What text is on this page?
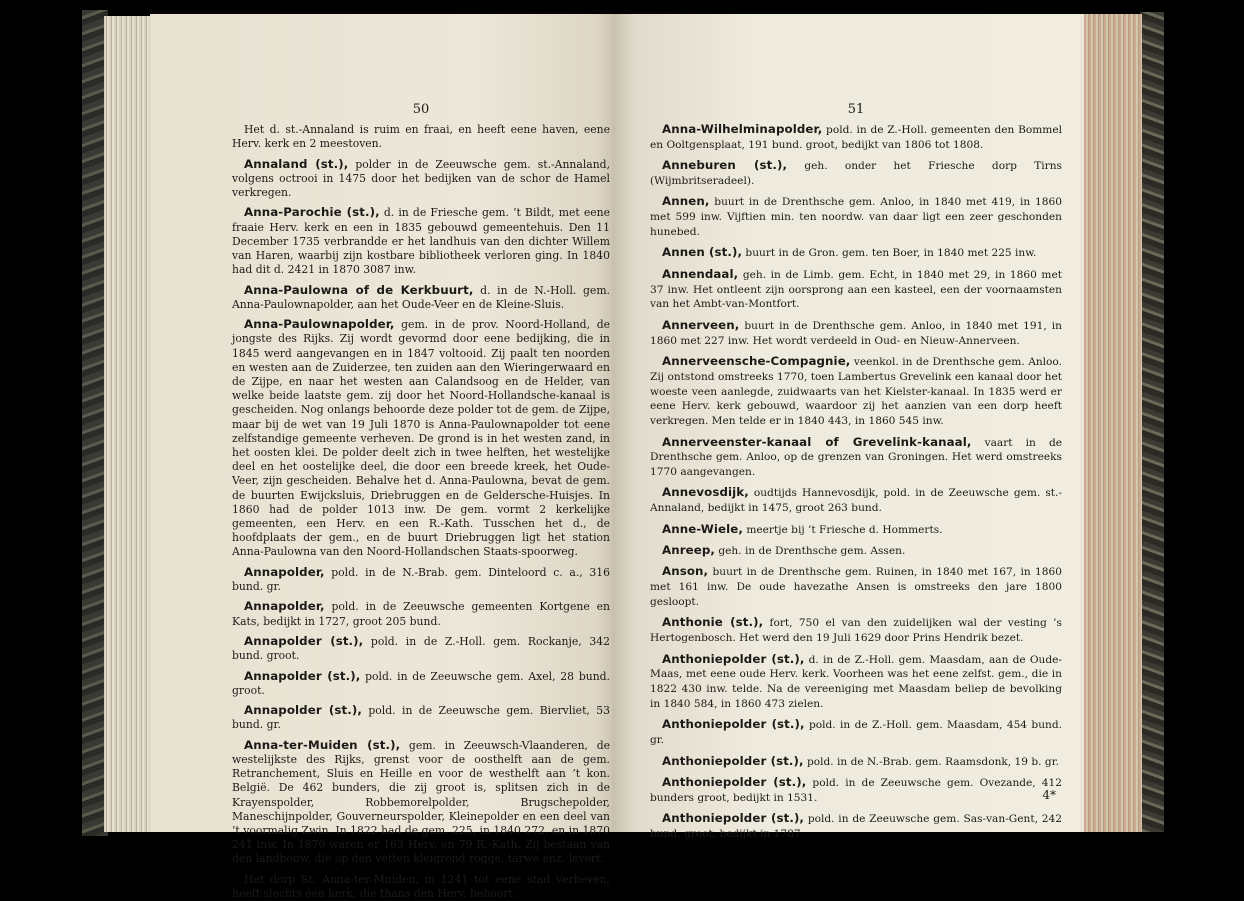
50

Het d. st.-Annaland is ruim en fraai, en heeft eene haven, eene Herv. kerk en 2 meestoven.

Annaland (st.), polder in de Zeeuwsche gem. st.-Annaland, volgens octrooi in 1475 door het bedijken van de schor de Hamel verkregen.

Anna-Parochie (st.), d. in de Friesche gem. ’t Bildt, met eene fraaie Herv. kerk en een in 1835 gebouwd gemeentehuis. Den 11 December 1735 verbrandde er het landhuis van den dichter Willem van Haren, waarbij zijn kostbare bibliotheek verloren ging. In 1840 had dit d. 2421 in 1870 3087 inw.

Anna-Paulowna of de Kerkbuurt, d. in de N.-Holl. gem. Anna-Paulownapolder, aan het Oude-Veer en de Kleine-Sluis.

Anna-Paulownapolder, gem. in de prov. Noord-Holland, de jongste des Rijks. Zij wordt gevormd door eene bedijking, die in 1845 werd aangevangen en in 1847 voltooid. Zij paalt ten noorden en westen aan de Zuiderzee, ten zuiden aan den Wieringerwaard en de Zijpe, en naar het westen aan Calandsoog en de Helder, van welke beide laatste gem. zij door het Noord-Hollandsche-kanaal is gescheiden. Nog onlangs behoorde deze polder tot de gem. de Zijpe, maar bij de wet van 19 Juli 1870 is Anna-Paulownapolder tot eene zelfstandige gemeente verheven. De grond is in het westen zand, in het oosten klei. De polder deelt zich in twee helften, het westelijke deel en het oostelijke deel, die door een breede kreek, het Oude-Veer, zijn gescheiden. Behalve het d. Anna-Paulowna, bevat de gem. de buurten Ewijcksluis, Driebruggen en de Geldersche-Huisjes. In 1860 had de polder 1013 inw. De gem. vormt 2 kerkelijke gemeenten, een Herv. en een R.-Kath. Tusschen het d., de hoofdplaats der gem., en de buurt Driebruggen ligt het station Anna-Paulowna van den Noord-Hollandschen Staats-spoorweg.

Annapolder, pold. in de N.-Brab. gem. Dinteloord c. a., 316 bund. gr.

Annapolder, pold. in de Zeeuwsche gemeenten Kortgene en Kats, bedijkt in 1727, groot 205 bund.

Annapolder (st.), pold. in de Z.-Holl. gem. Rockanje, 342 bund. groot.

Annapolder (st.), pold. in de Zeeuwsche gem. Axel, 28 bund. groot.

Annapolder (st.), pold. in de Zeeuwsche gem. Biervliet, 53 bund. gr.

Anna-ter-Muiden (st.), gem. in Zeeuwsch-Vlaanderen, de westelijkste des Rijks, grenst voor de oosthelft aan de gem. Retranchement, Sluis en Heille en voor de westhelft aan ’t kon. België. De 462 bunders, die zij groot is, splitsen zich in de Krayenspolder, Robbemorelpolder, Brugschepolder, Maneschijnpolder, Gouverneurspolder, Kleinepolder en een deel van ’t voormalig Zwin. In 1822 had de gem. 225, in 1840 272, en in 1870 241 inw. In 1870 waren er 163 Herv. en 79 R.-Kath. Zij bestaan van den landbouw, die op den vetten kleigrond rogge, tarwe enz. levert.

Het dorp St. Anna-ter-Muiden, in 1241 tot eene stad verheven, heeft slechts één kerk, die thans den Herv. behoort.

51

Anna-Wilhelminapolder, pold. in de Z.-Holl. gemeenten den Bommel en Ooltgensplaat, 191 bund. groot, bedijkt van 1806 tot 1808.

Anneburen (st.), geh. onder het Friesche dorp Tirns (Wijmbritseradeel).

Annen, buurt in de Drenthsche gem. Anloo, in 1840 met 419, in 1860 met 599 inw. Vijftien min. ten noordw. van daar ligt een zeer geschonden hunebed.

Annen (st.), buurt in de Gron. gem. ten Boer, in 1840 met 225 inw.

Annendaal, geh. in de Limb. gem. Echt, in 1840 met 29, in 1860 met 37 inw. Het ontleent zijn oorsprong aan een kasteel, een der voornaamsten van het Ambt-van-Montfort.

Annerveen, buurt in de Drenthsche gem. Anloo, in 1840 met 191, in 1860 met 227 inw. Het wordt verdeeld in Oud- en Nieuw-Annerveen.

Annerveensche-Compagnie, veenkol. in de Drenthsche gem. Anloo. Zij ontstond omstreeks 1770, toen Lambertus Grevelink een kanaal door het woeste veen aanlegde, zuidwaarts van het Kielster-kanaal. In 1835 werd er eene Herv. kerk gebouwd, waardoor zij het aanzien van een dorp heeft verkregen. Men telde er in 1840 443, in 1860 545 inw.

Annerveenster-kanaal of Grevelink-kanaal, vaart in de Drenthsche gem. Anloo, op de grenzen van Groningen. Het werd omstreeks 1770 aangevangen.

Annevosdijk, oudtijds Hannevosdijk, pold. in de Zeeuwsche gem. st.-Annaland, bedijkt in 1475, groot 263 bund.

Anne-Wiele, meertje bij ’t Friesche d. Hommerts.

Anreep, geh. in de Drenthsche gem. Assen.

Anson, buurt in de Drenthsche gem. Ruinen, in 1840 met 167, in 1860 met 161 inw. De oude havezathe Ansen is omstreeks den jare 1800 gesloopt.

Anthonie (st.), fort, 750 el van den zuidelijken wal der vesting ’s Hertogenbosch. Het werd den 19 Juli 1629 door Prins Hendrik bezet.

Anthoniepolder (st.), d. in de Z.-Holl. gem. Maasdam, aan de Oude-Maas, met eene oude Herv. kerk. Voorheen was het eene zelfst. gem., die in 1822 430 inw. telde. Na de vereeniging met Maasdam beliep de bevolking in 1840 584, in 1860 473 zielen.

Anthoniepolder (st.), pold. in de Z.-Holl. gem. Maasdam, 454 bund. gr.

Anthoniepolder (st.), pold. in de N.-Brab. gem. Raamsdonk, 19 b. gr.

Anthoniepolder (st.), pold. in de Zeeuwsche gem. Ovezande, 412 bunders groot, bedijkt in 1531.

Anthoniepolder (st.), pold. in de Zeeuwsche gem. Sas-van-Gent, 242 bund. groot, bedijkt in 1787.

4*
